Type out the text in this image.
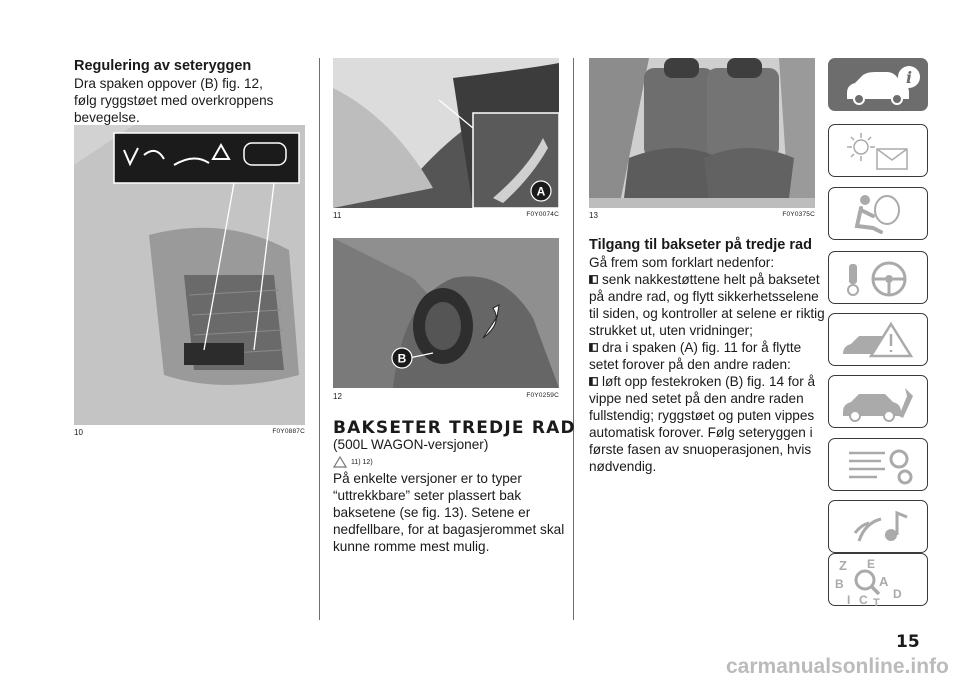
Regulering av seteryggen
Dra spaken oppover (B) fig. 12,
følg ryggstøet med overkroppens
bevegelse.
10	F0Y0887C
A
11	F0Y0074C
B
12	F0Y0259C
BAKSETER TREDJE RAD
(500L WAGON-versjoner)
11) 12)
På enkelte versjoner er to typer
“uttrekkbare” seter plassert bak
baksetene (se fig. 13). Setene er
nedfellbare, for at bagasjerommet skal
kunne romme mest mulig.
13	F0Y0375C
Tilgang til bakseter på tredje rad
Gå frem som forklart nedenfor:
senk nakkestøttene helt på baksetet
på andre rad, og flytt sikkerhetsselene
til siden, og kontroller at selene er riktig
strukket ut, uten vridninger;
dra i spaken (A) fig. 11 for å flytte
setet forover på den andre raden:
løft opp festekroken (B) fig. 14 for å
vippe ned setet på den andre raden
fullstendig; ryggstøet og puten vippes
automatisk forover. Følg seteryggen i
første fasen av snuoperasjonen, hvis
nødvendig.
i
Z E
B	A
D
I C T
15
carmanualsonline.info
